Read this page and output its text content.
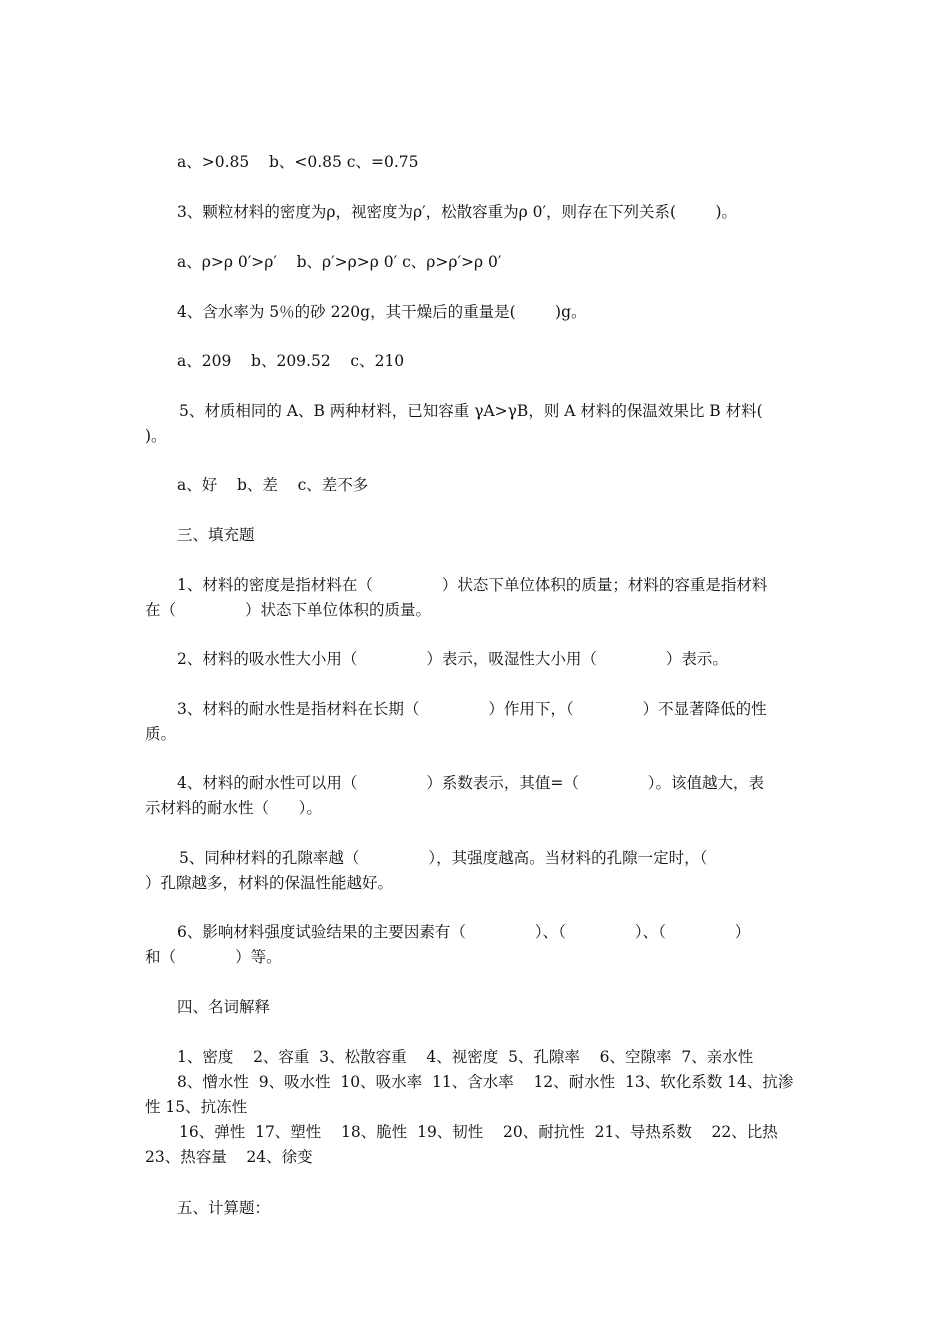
a、>0.85    b、<0.85 c、=0.75

3、颗粒材料的密度为ρ，视密度为ρ′，松散容重为ρ 0′，则存在下列关系(        )。

a、ρ>ρ 0′>ρ′    b、ρ′>ρ>ρ 0′ c、ρ>ρ′>ρ 0′

4、含水率为 5％的砂 220g，其干燥后的重量是(        )g。

a、209    b、209.52    c、210

5、材质相同的 A、B 两种材料，已知容重 γA>γB，则 A 材料的保温效果比 B 材料(
)。

a、好    b、差    c、差不多

三、填充题

1、材料的密度是指材料在（              ）状态下单位体积的质量；材料的容重是指材料
在（              ）状态下单位体积的质量。

2、材料的吸水性大小用（              ）表示，吸湿性大小用（              ）表示。

3、材料的耐水性是指材料在长期（              ）作用下，（              ）不显著降低的性
质。

4、材料的耐水性可以用（              ）系数表示，其值=（              ）。该值越大，表
示材料的耐水性（      ）。

5、同种材料的孔隙率越（              ），其强度越高。当材料的孔隙一定时，（
）孔隙越多，材料的保温性能越好。

6、影响材料强度试验结果的主要因素有（              ）、（              ）、（              ）
和（            ）等。

四、名词解释

1、密度    2、容重  3、松散容重    4、视密度  5、孔隙率    6、空隙率  7、亲水性
8、憎水性  9、吸水性  10、吸水率  11、含水率    12、耐水性  13、软化系数 14、抗渗
性 15、抗冻性
16、弹性  17、塑性    18、脆性  19、韧性    20、耐抗性  21、导热系数    22、比热
23、热容量    24、徐变

五、计算题：
